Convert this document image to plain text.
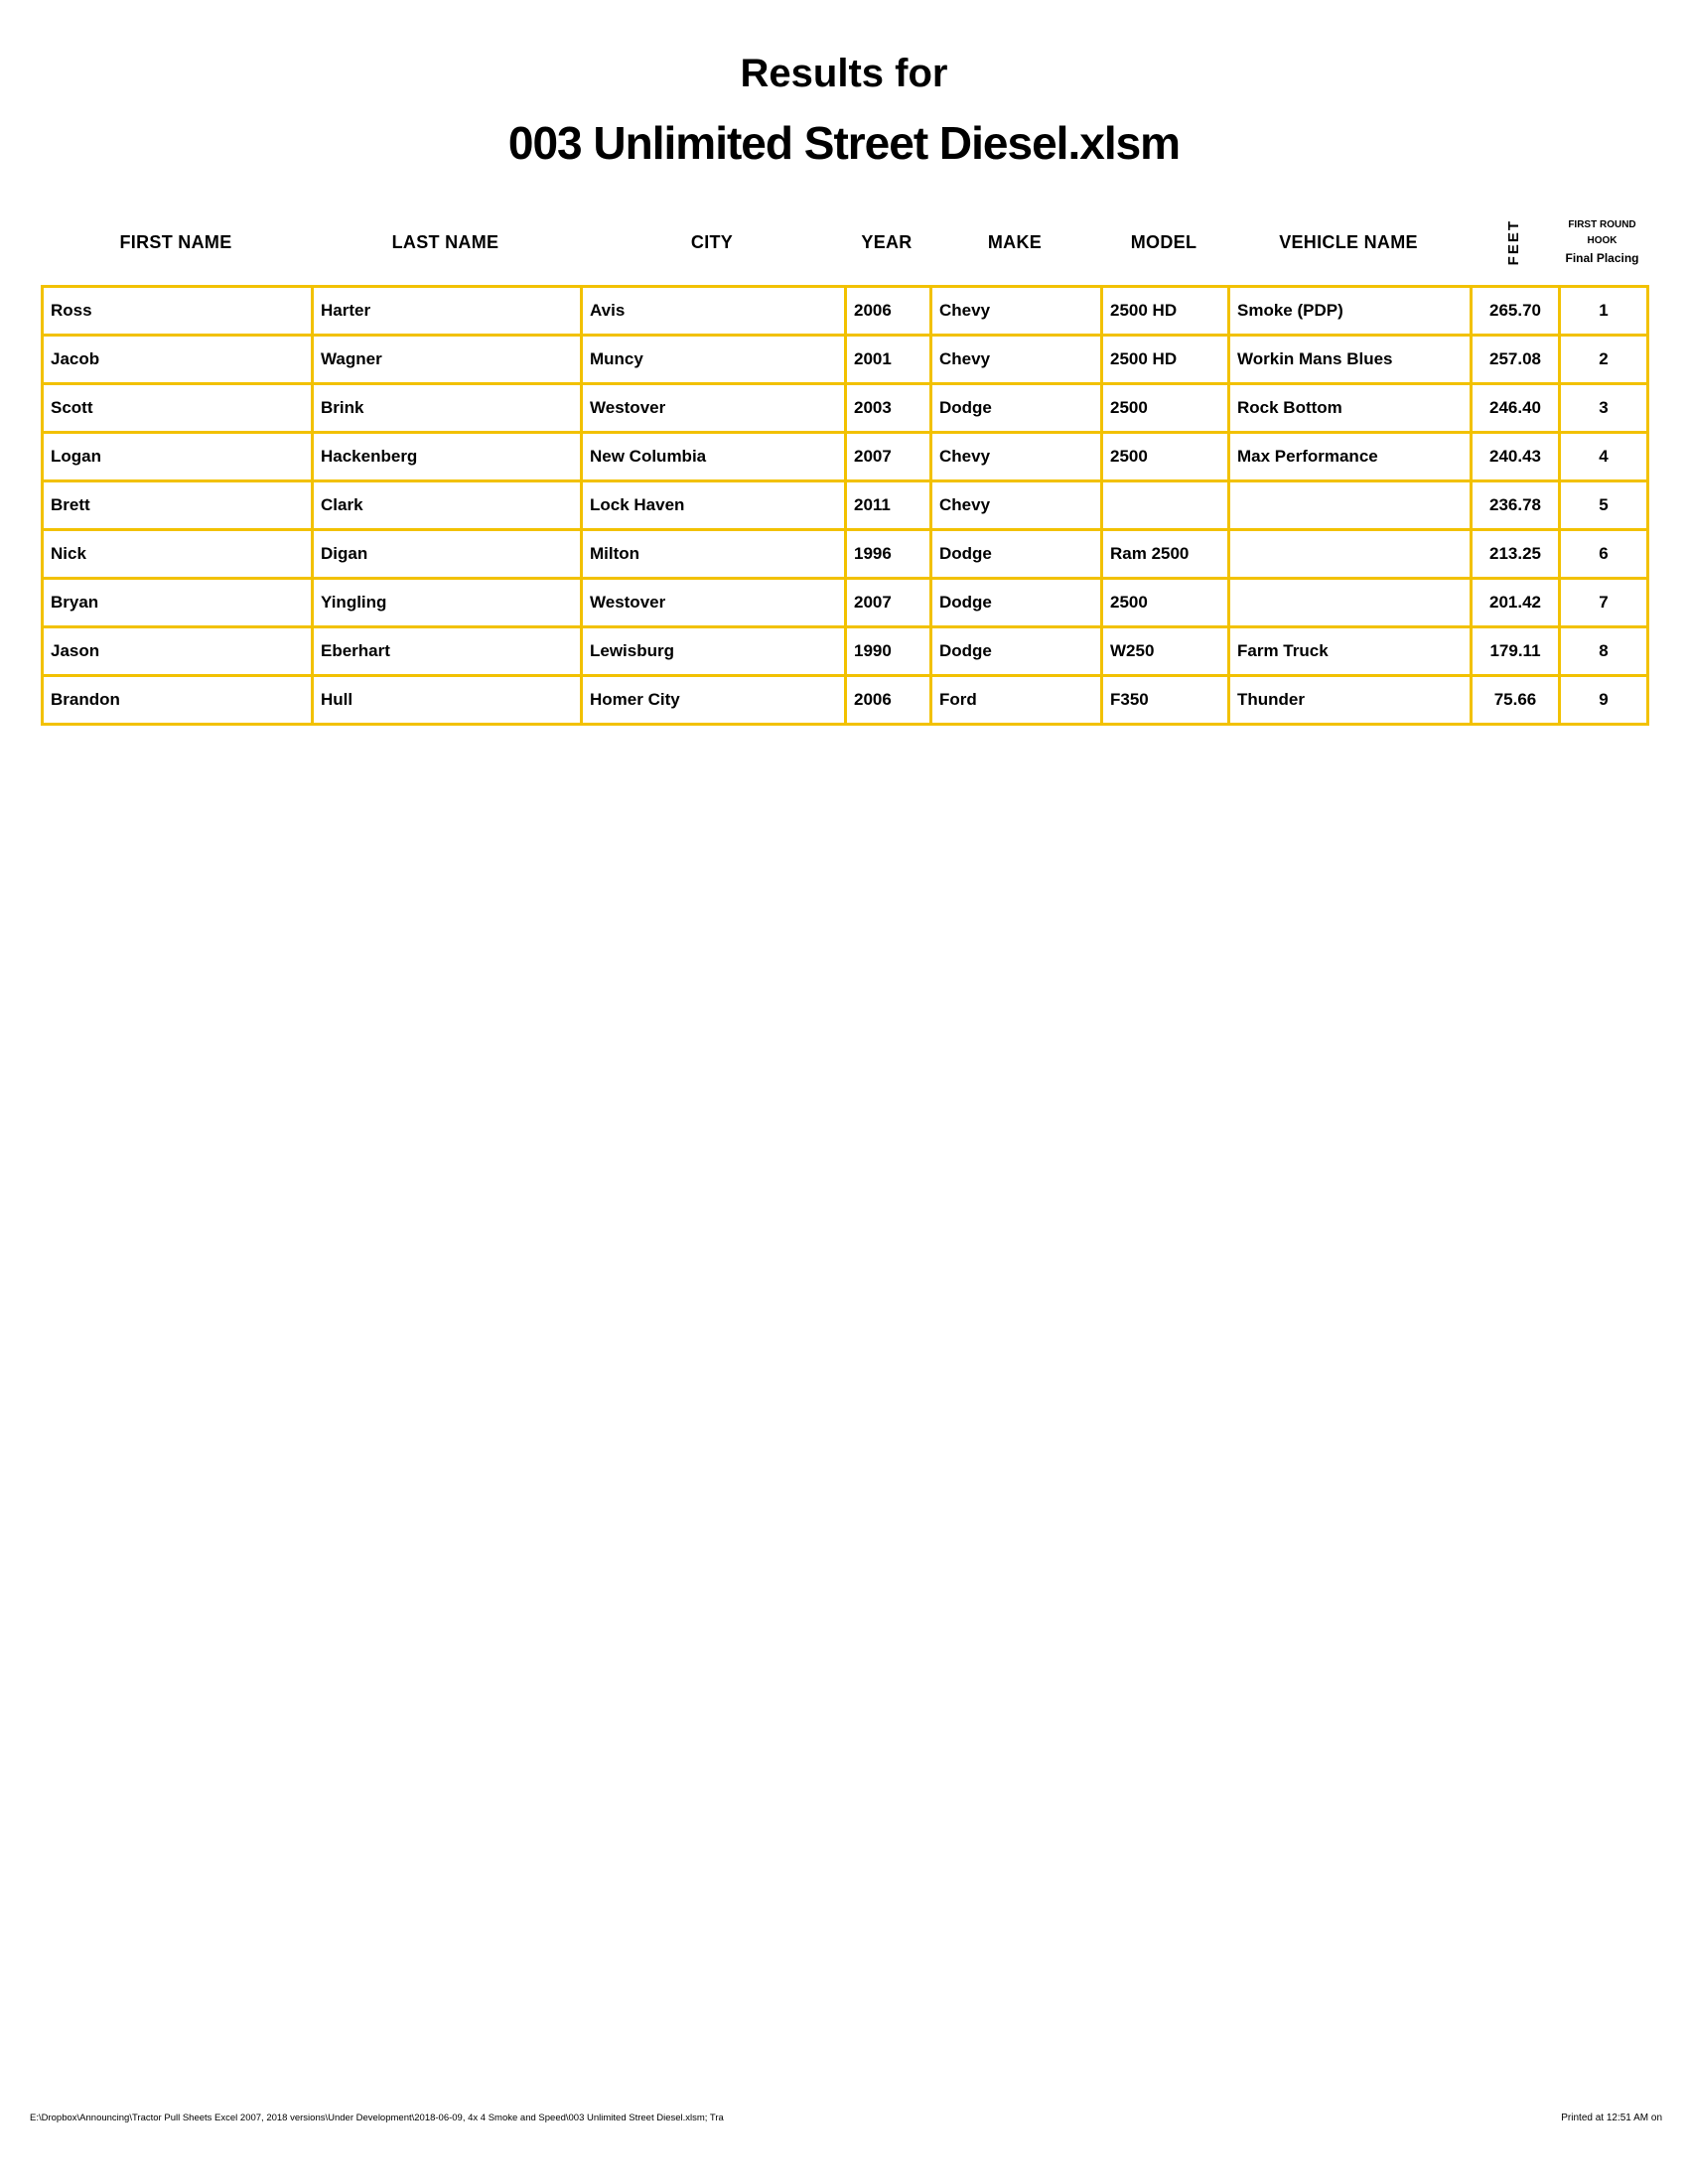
Results for
003 Unlimited Street Diesel.xlsm
FIRST NAME	LAST NAME	CITY	YEAR	MAKE	MODEL	VEHICLE NAME	FEET	FIRST ROUND
HOOK
Final Placing
Ross	Harter	Avis	2006	Chevy	2500 HD	Smoke (PDP)	265.70	1
Jacob	Wagner	Muncy	2001	Chevy	2500 HD	Workin Mans Blues	257.08	2
Scott	Brink	Westover	2003	Dodge	2500	Rock Bottom	246.40	3
Logan	Hackenberg	New Columbia	2007	Chevy	2500	Max Performance	240.43	4
Brett	Clark	Lock Haven	2011	Chevy			236.78	5
Nick	Digan	Milton	1996	Dodge	Ram 2500		213.25	6
Bryan	Yingling	Westover	2007	Dodge	2500		201.42	7
Jason	Eberhart	Lewisburg	1990	Dodge	W250	Farm Truck	179.11	8
Brandon	Hull	Homer City	2006	Ford	F350	Thunder	75.66	9
E:\Dropbox\Announcing\Tractor Pull Sheets Excel 2007, 2018 versions\Under Development\2018-06-09, 4x 4 Smoke and Speed\003 Unlimited Street Diesel.xlsm; Tra	Printed at 12:51 AM on
